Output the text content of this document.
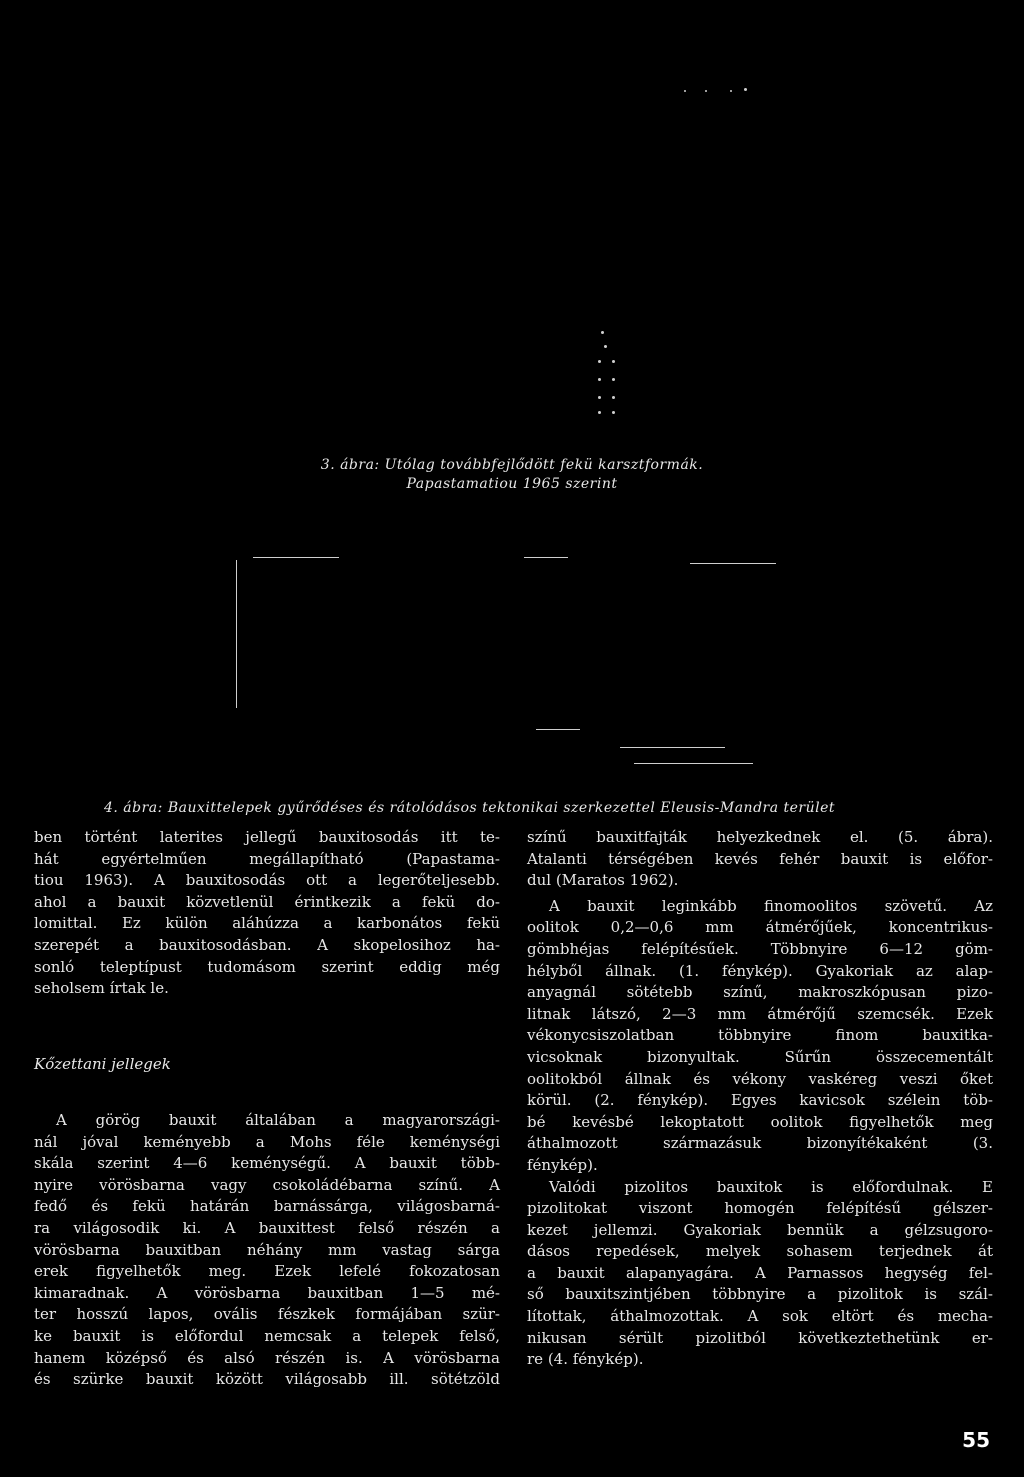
3. ábra: Utólag továbbfejlődött fekü karsztformák.
Papastamatiou 1965 szerint
4. ábra: Bauxittelepek gyűrődéses és rátolódásos tektonikai szerkezettel Eleusis-Mandra terület

ben történt laterites jellegű bauxitosodás itt te-

hát egyértelműen megállapítható (Papastama-

tiou 1963). A bauxitosodás ott a legerőteljesebb.

ahol a bauxit közvetlenül érintkezik a fekü do-

lomittal. Ez külön aláhúzza a karbonátos fekü

szerepét a bauxitosodásban. A skopelosihoz ha-

sonló teleptípust tudomásom szerint eddig még

seholsem írtak le.

Kőzettani jellegek

A görög bauxit általában a magyarországi-

nál jóval keményebb a Mohs féle keménységi

skála szerint 4—6 keménységű. A bauxit több-

nyire vörösbarna vagy csokoládébarna színű. A

fedő és fekü határán barnássárga, világosbarná-

ra világosodik ki. A bauxittest felső részén a

vörösbarna bauxitban néhány mm vastag sárga

erek figyelhetők meg. Ezek lefelé fokozatosan

kimaradnak. A vörösbarna bauxitban 1—5 mé-

ter hosszú lapos, ovális fészkek formájában szür-

ke bauxit is előfordul nemcsak a telepek felső,

hanem középső és alsó részén is. A vörösbarna

és szürke bauxit között világosabb ill. sötétzöld

színű bauxitfajták helyezkednek el. (5. ábra).

Atalanti térségében kevés fehér bauxit is előfor-

dul (Maratos 1962).

A bauxit leginkább finomoolitos szövetű. Az

oolitok 0,2—0,6 mm átmérőjűek, koncentrikus-

gömbhéjas felépítésűek. Többnyire 6—12 göm-

hélyből állnak. (1. fénykép). Gyakoriak az alap-

anyagnál sötétebb színű, makroszkópusan pizo-

litnak látszó, 2—3 mm átmérőjű szemcsék. Ezek

vékonycsiszolatban többnyire finom bauxitka-

vicsoknak bizonyultak. Sűrűn összecementált

oolitokból állnak és vékony vaskéreg veszi őket

körül. (2. fénykép). Egyes kavicsok szélein töb-

bé kevésbé lekoptatott oolitok figyelhetők meg

áthalmozott származásuk bizonyítékaként (3.

fénykép).

Valódi pizolitos bauxitok is előfordulnak. E

pizolitokat viszont homogén felépítésű gélszer-

kezet jellemzi. Gyakoriak bennük a gélzsugoro-

dásos repedések, melyek sohasem terjednek át

a bauxit alapanyagára. A Parnassos hegység fel-

ső bauxitszintjében többnyire a pizolitok is szál-

lítottak, áthalmozottak. A sok eltört és mecha-

nikusan sérült pizolitból következtethetünk er-

re (4. fénykép).

55
